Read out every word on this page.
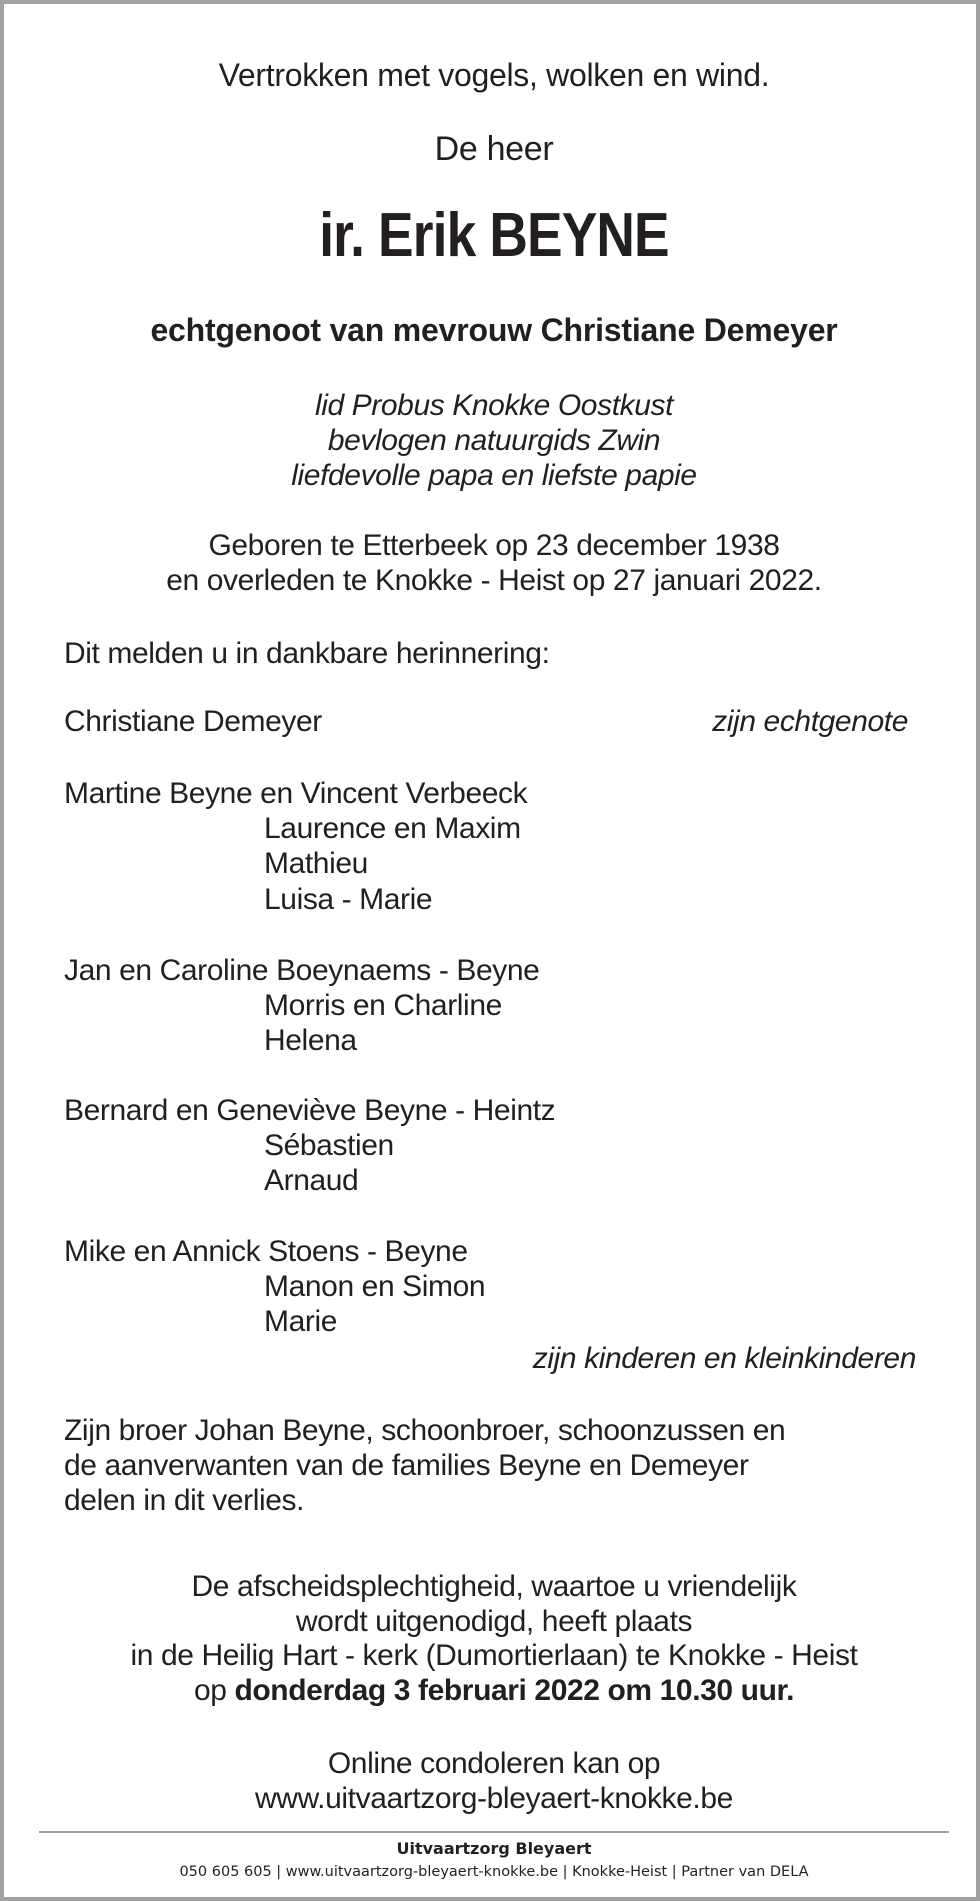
Vertrokken met vogels, wolken en wind.
De heer
ir. Erik BEYNE
echtgenoot van mevrouw Christiane Demeyer
lid Probus Knokke Oostkust
bevlogen natuurgids Zwin
liefdevolle papa en liefste papie
Geboren te Etterbeek op 23 december 1938
en overleden te Knokke - Heist op 27 januari 2022.
Dit melden u in dankbare herinnering:
Christiane Demeyer	zijn echtgenote
Martine Beyne en Vincent Verbeeck
Laurence en Maxim
Mathieu
Luisa - Marie
Jan en Caroline Boeynaems - Beyne
Morris en Charline
Helena
Bernard en Geneviève Beyne - Heintz
Sébastien
Arnaud
Mike en Annick Stoens - Beyne
Manon en Simon
Marie
zijn kinderen en kleinkinderen
Zijn broer Johan Beyne, schoonbroer, schoonzussen en
de aanverwanten van de families Beyne en Demeyer
delen in dit verlies.
De afscheidsplechtigheid, waartoe u vriendelijk
wordt uitgenodigd, heeft plaats
in de Heilig Hart - kerk (Dumortierlaan) te Knokke - Heist
op donderdag 3 februari 2022 om 10.30 uur.
Online condoleren kan op
www.uitvaartzorg-bleyaert-knokke.be
Uitvaartzorg Bleyaert
050 605 605 | www.uitvaartzorg-bleyaert-knokke.be | Knokke-Heist | Partner van DELA
